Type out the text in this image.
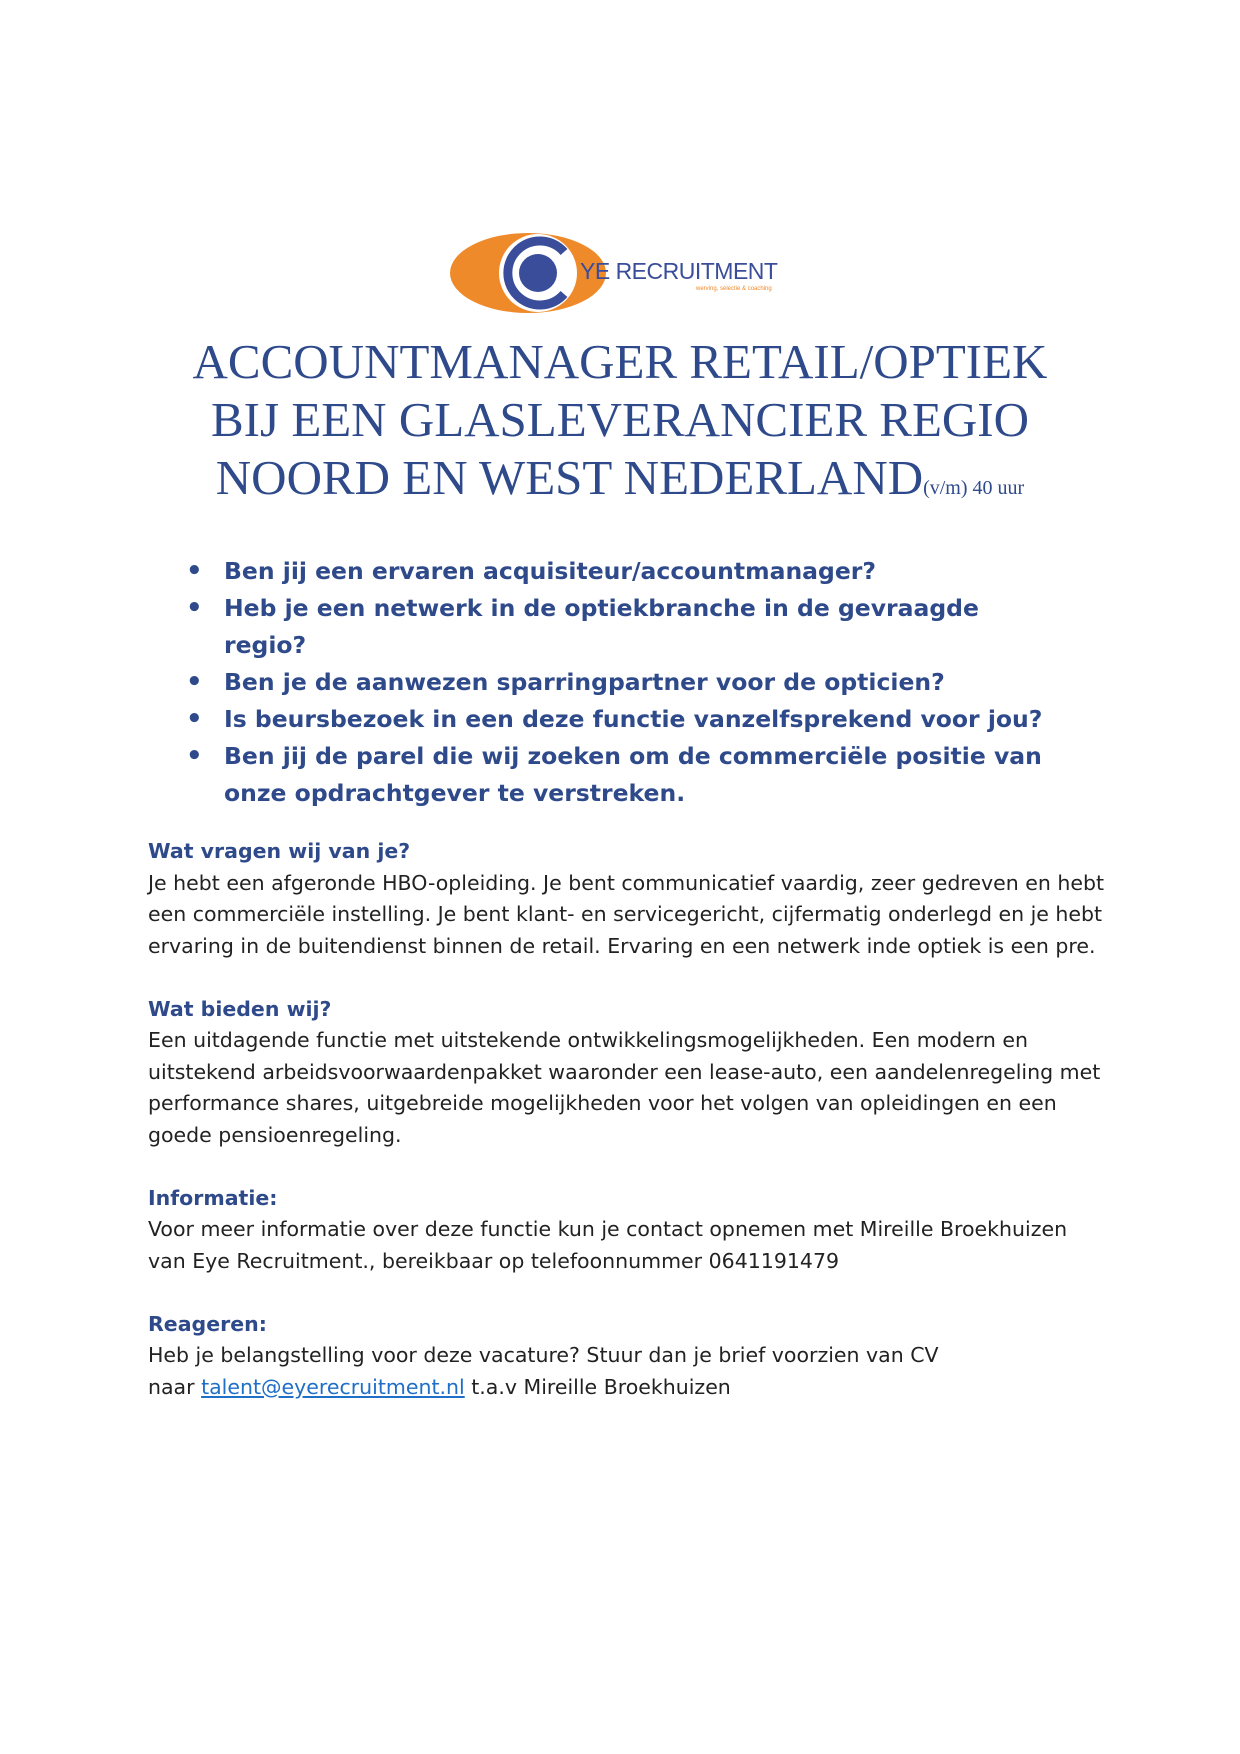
YE RECRUITMENT
werving, selectie & coaching
ACCOUNTMANAGER RETAIL/OPTIEK
BIJ EEN GLASLEVERANCIER REGIO
NOORD EN WEST NEDERLAND(v/m) 40 uur
• Ben jij een ervaren acquisiteur/accountmanager?
• Heb je een netwerk in de optiekbranche in de gevraagde regio?
• Ben je de aanwezen sparringpartner voor de opticien?
• Is beursbezoek in een deze functie vanzelfsprekend voor jou?
• Ben jij de parel die wij zoeken om de commerciële positie van onze opdrachtgever te verstreken.
Wat vragen wij van je?
Je hebt een afgeronde HBO-opleiding. Je bent communicatief vaardig, zeer gedreven en hebt een commerciële instelling. Je bent klant- en servicegericht, cijfermatig onderlegd en je hebt ervaring in de buitendienst binnen de retail. Ervaring en een netwerk inde optiek is een pre.
Wat bieden wij?
Een uitdagende functie met uitstekende ontwikkelingsmogelijkheden. Een modern en uitstekend arbeidsvoorwaardenpakket waaronder een lease-auto, een aandelenregeling met performance shares, uitgebreide mogelijkheden voor het volgen van opleidingen en een goede pensioenregeling.
Informatie:
Voor meer informatie over deze functie kun je contact opnemen met Mireille Broekhuizen van Eye Recruitment., bereikbaar op telefoonnummer 0641191479
Reageren:
Heb je belangstelling voor deze vacature? Stuur dan je brief voorzien van CV
naar talent@eyerecruitment.nl t.a.v Mireille Broekhuizen
